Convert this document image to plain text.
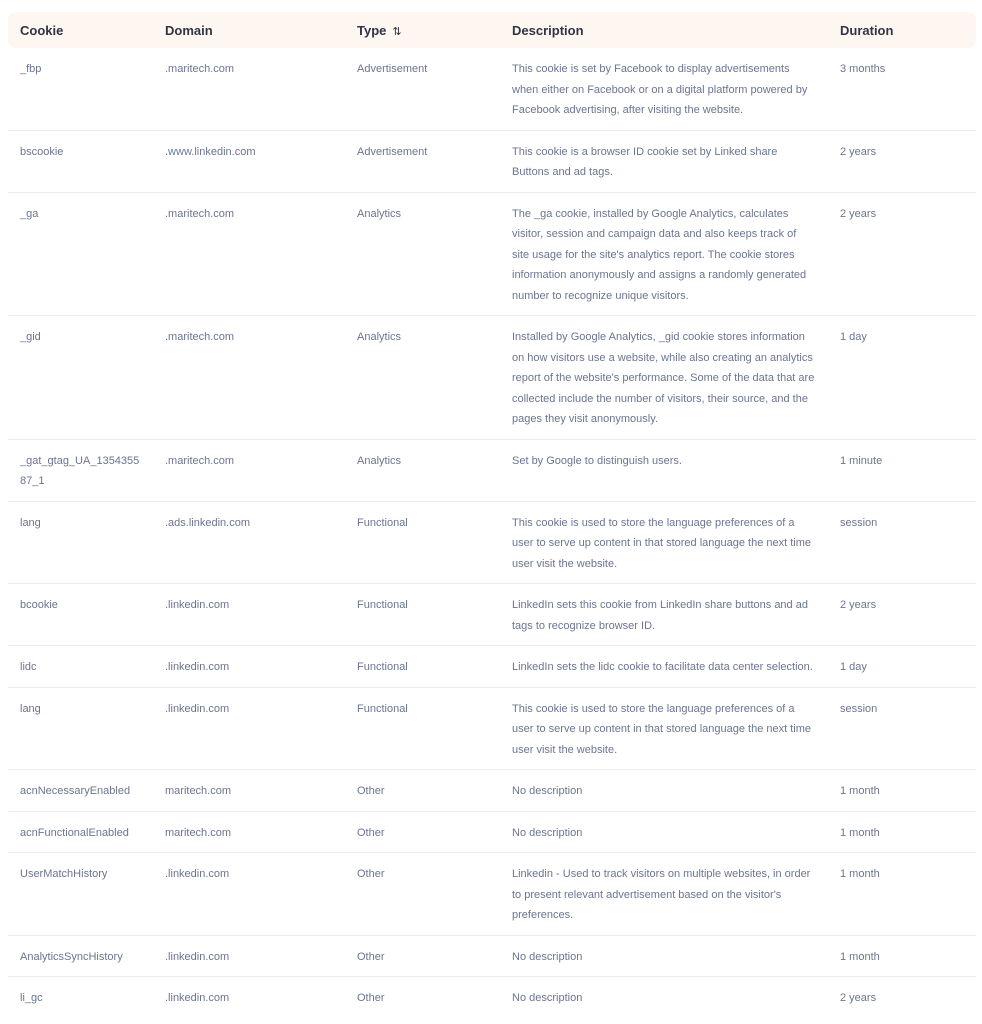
Cookie	Domain	Type ⇅	Description	Duration
_fbp	.maritech.com	Advertisement	This cookie is set by Facebook to display advertisements when either on Facebook or on a digital platform powered by Facebook advertising, after visiting the website.	3 months
bscookie	.www.linkedin.com	Advertisement	This cookie is a browser ID cookie set by Linked share Buttons and ad tags.	2 years
_ga	.maritech.com	Analytics	The _ga cookie, installed by Google Analytics, calculates visitor, session and campaign data and also keeps track of site usage for the site's analytics report. The cookie stores information anonymously and assigns a randomly generated number to recognize unique visitors.	2 years
_gid	.maritech.com	Analytics	Installed by Google Analytics, _gid cookie stores information on how visitors use a website, while also creating an analytics report of the website's performance. Some of the data that are collected include the number of visitors, their source, and the pages they visit anonymously.	1 day
_gat_gtag_UA_135435587_1	.maritech.com	Analytics	Set by Google to distinguish users.	1 minute
lang	.ads.linkedin.com	Functional	This cookie is used to store the language preferences of a user to serve up content in that stored language the next time user visit the website.	session
bcookie	.linkedin.com	Functional	LinkedIn sets this cookie from LinkedIn share buttons and ad tags to recognize browser ID.	2 years
lidc	.linkedin.com	Functional	LinkedIn sets the lidc cookie to facilitate data center selection.	1 day
lang	.linkedin.com	Functional	This cookie is used to store the language preferences of a user to serve up content in that stored language the next time user visit the website.	session
acnNecessaryEnabled	maritech.com	Other	No description	1 month
acnFunctionalEnabled	maritech.com	Other	No description	1 month
UserMatchHistory	.linkedin.com	Other	Linkedin - Used to track visitors on multiple websites, in order to present relevant advertisement based on the visitor's preferences.	1 month
AnalyticsSyncHistory	.linkedin.com	Other	No description	1 month
li_gc	.linkedin.com	Other	No description	2 years
